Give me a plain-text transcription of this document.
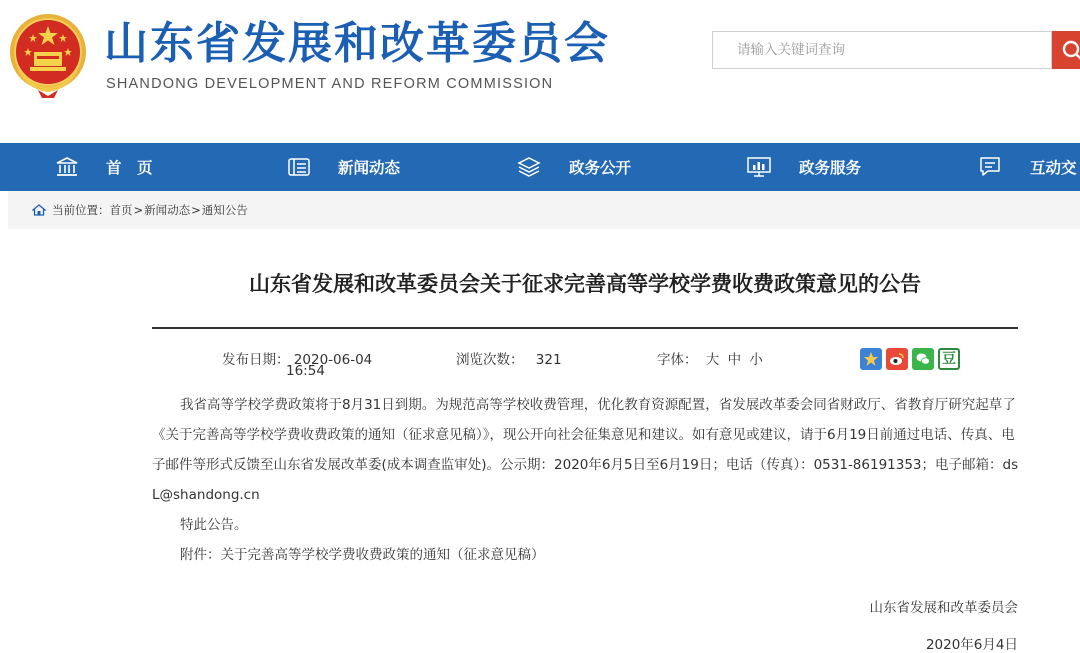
山东省发展和改革委员会
SHANDONG DEVELOPMENT AND REFORM COMMISSION
请输入关键词查询
首　页	新闻动态	政务公开	政务服务	互动交
当前位置： 首页 > 新闻动态 > 通知公告
山东省发展和改革委员会关于征求完善高等学校学费收费政策意见的公告
发布日期： 2020-06-04
16:54
浏览次数： 321	字体： 大 中 小	豆

我省高等学校学费政策将于8月31日到期。为规范高等学校收费管理，优化教育资源配置，省发展改革委会同省财政厅、省教育厅研究起草了《关于完善高等学校学费收费政策的通知（征求意见稿）》，现公开向社会征集意见和建议。如有意见或建议，请于6月19日前通过电话、传真、电子邮件等形式反馈至山东省发展改革委(成本调查监审处)。公示期：2020年6月5日至6月19日；电话（传真）：0531-86191353；电子邮箱：dsL@shandong.cn

特此公告。

附件：关于完善高等学校学费收费政策的通知（征求意见稿）

山东省发展和改革委员会
2020年6月4日
